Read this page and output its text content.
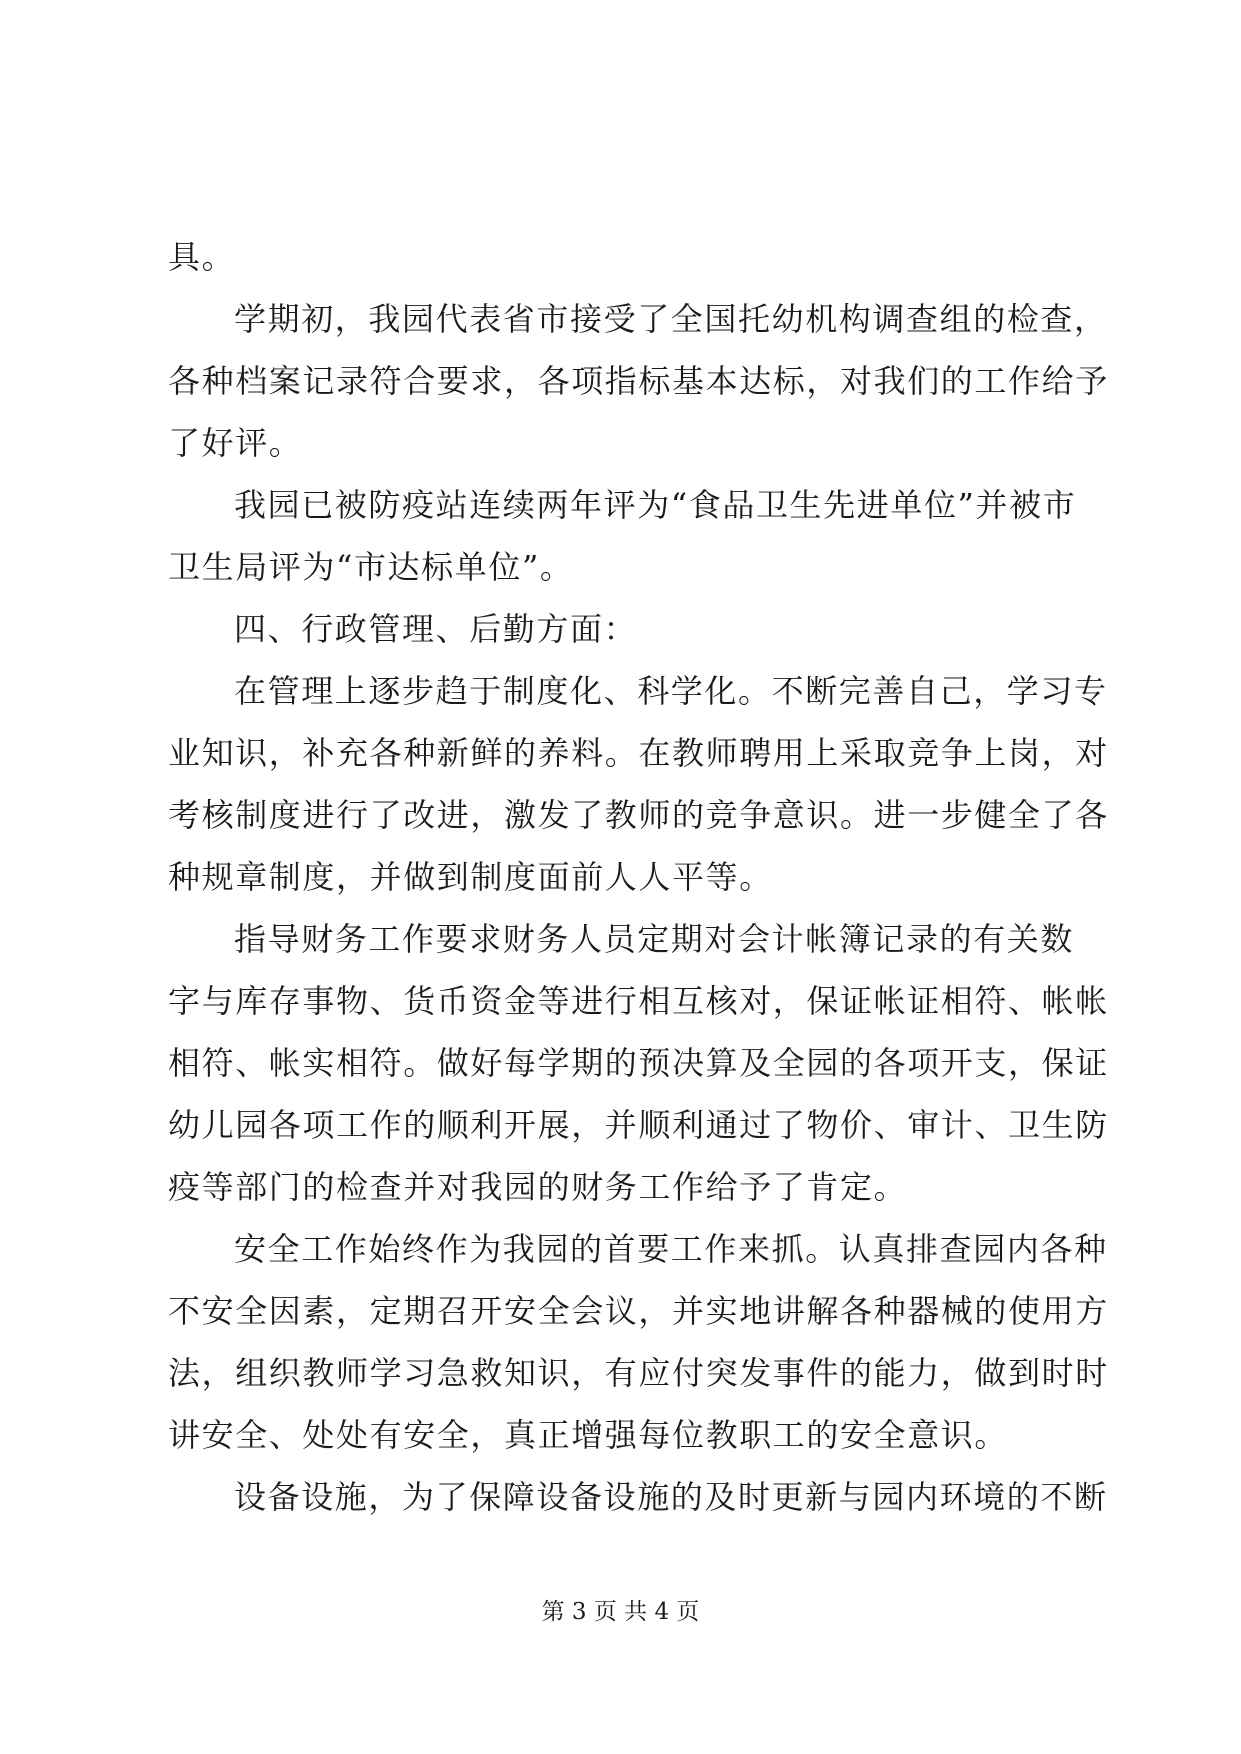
具。
学期初，我园代表省市接受了全国托幼机构调查组的检查，
各种档案记录符合要求，各项指标基本达标，对我们的工作给予
了好评。
我园已被防疫站连续两年评为“食品卫生先进单位”并被市
卫生局评为“市达标单位”。
四、行政管理、后勤方面：
在管理上逐步趋于制度化、科学化。不断完善自己，学习专
业知识，补充各种新鲜的养料。在教师聘用上采取竞争上岗，对
考核制度进行了改进，激发了教师的竞争意识。进一步健全了各
种规章制度，并做到制度面前人人平等。
指导财务工作要求财务人员定期对会计帐簿记录的有关数
字与库存事物、货币资金等进行相互核对，保证帐证相符、帐帐
相符、帐实相符。做好每学期的预决算及全园的各项开支，保证
幼儿园各项工作的顺利开展，并顺利通过了物价、审计、卫生防
疫等部门的检查并对我园的财务工作给予了肯定。
安全工作始终作为我园的首要工作来抓。认真排查园内各种
不安全因素，定期召开安全会议，并实地讲解各种器械的使用方
法，组织教师学习急救知识，有应付突发事件的能力，做到时时
讲安全、处处有安全，真正增强每位教职工的安全意识。
设备设施，为了保障设备设施的及时更新与园内环境的不断
第 3 页 共 4 页
